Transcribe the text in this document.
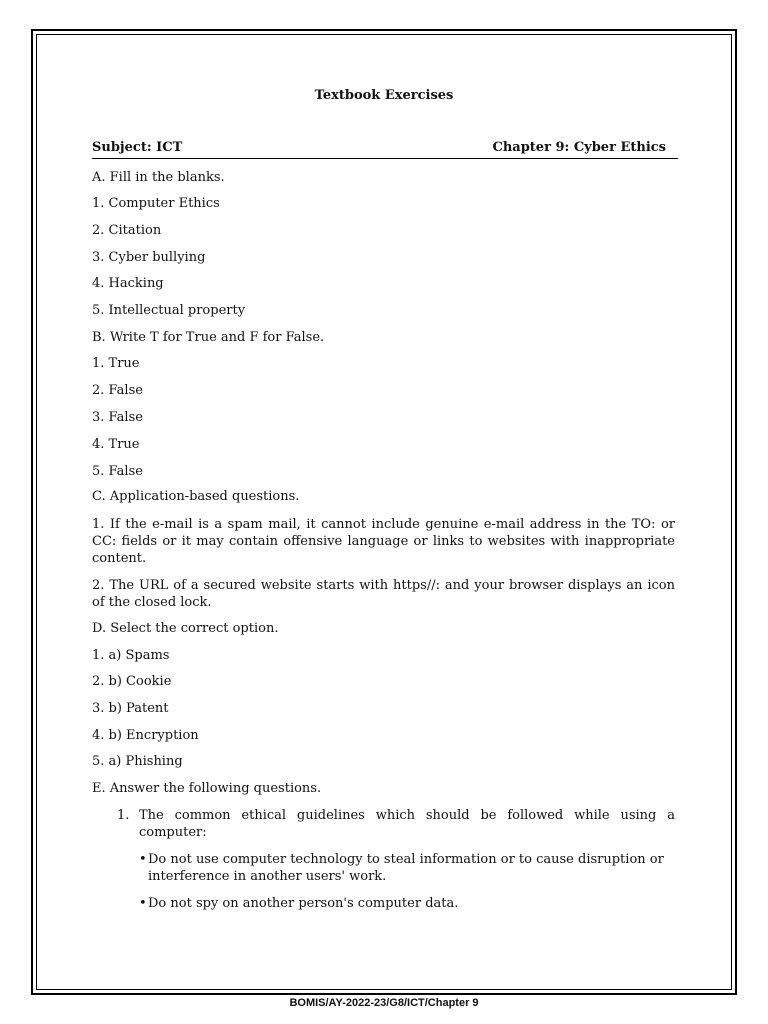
Textbook Exercises
Subject: ICT	Chapter 9: Cyber Ethics
A. Fill in the blanks.
1. Computer Ethics
2. Citation
3. Cyber bullying
4. Hacking
5. Intellectual property
B. Write T for True and F for False.
1. True
2. False
3. False
4. True
5. False
C. Application-based questions.
1. If the e-mail is a spam mail, it cannot include genuine e-mail address in the TO: or CC: fields or it may contain offensive language or links to websites with inappropriate content.
2. The URL of a secured website starts with https//: and your browser displays an icon of the closed lock.
D. Select the correct option.
1. a) Spams
2. b) Cookie
3. b) Patent
4. b) Encryption
5. a) Phishing
E. Answer the following questions.
1. The common ethical guidelines which should be followed while using a computer:
• Do not use computer technology to steal information or to cause disruption or interference in another users' work.
• Do not spy on another person's computer data.
BOMIS/AY-2022-23/G8/ICT/Chapter 9
